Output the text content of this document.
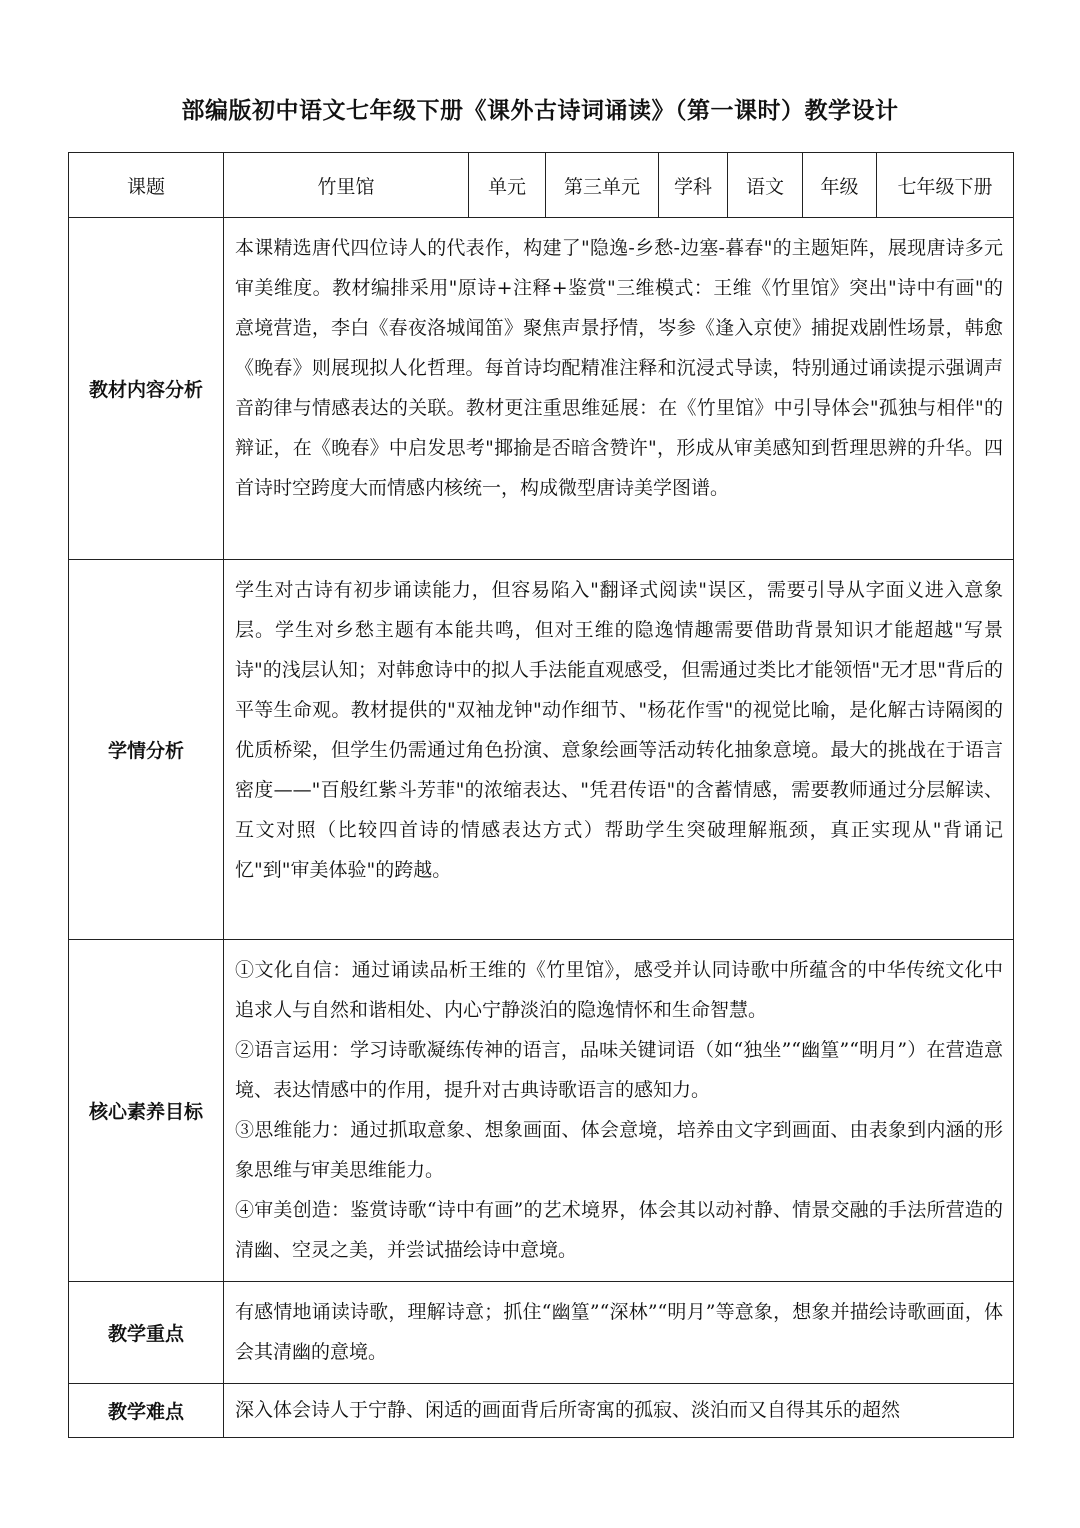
部编版初中语文七年级下册《课外古诗词诵读》（第一课时）教学设计
课题	竹里馆	单元	第三单元	学科	语文	年级	七年级下册
教材内容分析	本课精选唐代四位诗人的代表作，构建了"隐逸-乡愁-边塞-暮春"的主题矩阵，展现唐诗多元审美维度。教材编排采用"原诗+注释+鉴赏"三维模式：王维《竹里馆》突出"诗中有画"的意境营造，李白《春夜洛城闻笛》聚焦声景抒情，岑参《逢入京使》捕捉戏剧性场景，韩愈《晚春》则展现拟人化哲理。每首诗均配精准注释和沉浸式导读，特别通过诵读提示强调声音韵律与情感表达的关联。教材更注重思维延展：在《竹里馆》中引导体会"孤独与相伴"的辩证，在《晚春》中启发思考"揶揄是否暗含赞许"，形成从审美感知到哲理思辨的升华。四首诗时空跨度大而情感内核统一，构成微型唐诗美学图谱。						
学情分析	学生对古诗有初步诵读能力，但容易陷入"翻译式阅读"误区，需要引导从字面义进入意象层。学生对乡愁主题有本能共鸣，但对王维的隐逸情趣需要借助背景知识才能超越"写景诗"的浅层认知；对韩愈诗中的拟人手法能直观感受，但需通过类比才能领悟"无才思"背后的平等生命观。教材提供的"双袖龙钟"动作细节、"杨花作雪"的视觉比喻，是化解古诗隔阂的优质桥梁，但学生仍需通过角色扮演、意象绘画等活动转化抽象意境。最大的挑战在于语言密度——"百般红紫斗芳菲"的浓缩表达、"凭君传语"的含蓄情感，需要教师通过分层解读、互文对照（比较四首诗的情感表达方式）帮助学生突破理解瓶颈，真正实现从"背诵记忆"到"审美体验"的跨越。						
核心素养目标	①文化自信：通过诵读品析王维的《竹里馆》，感受并认同诗歌中所蕴含的中华传统文化中追求人与自然和谐相处、内心宁静淡泊的隐逸情怀和生命智慧。

②语言运用：学习诗歌凝练传神的语言，品味关键词语（如“独坐”“幽篁”“明月”）在营造意境、表达情感中的作用，提升对古典诗歌语言的感知力。

③思维能力：通过抓取意象、想象画面、体会意境，培养由文字到画面、由表象到内涵的形象思维与审美思维能力。

④审美创造：鉴赏诗歌“诗中有画”的艺术境界，体会其以动衬静、情景交融的手法所营造的清幽、空灵之美，并尝试描绘诗中意境。						

教学重点	有感情地诵读诗歌，理解诗意；抓住“幽篁”“深林”“明月”等意象，想象并描绘诗歌画面，体会其清幽的意境。						
教学难点	深入体会诗人于宁静、闲适的画面背后所寄寓的孤寂、淡泊而又自得其乐的超然						
